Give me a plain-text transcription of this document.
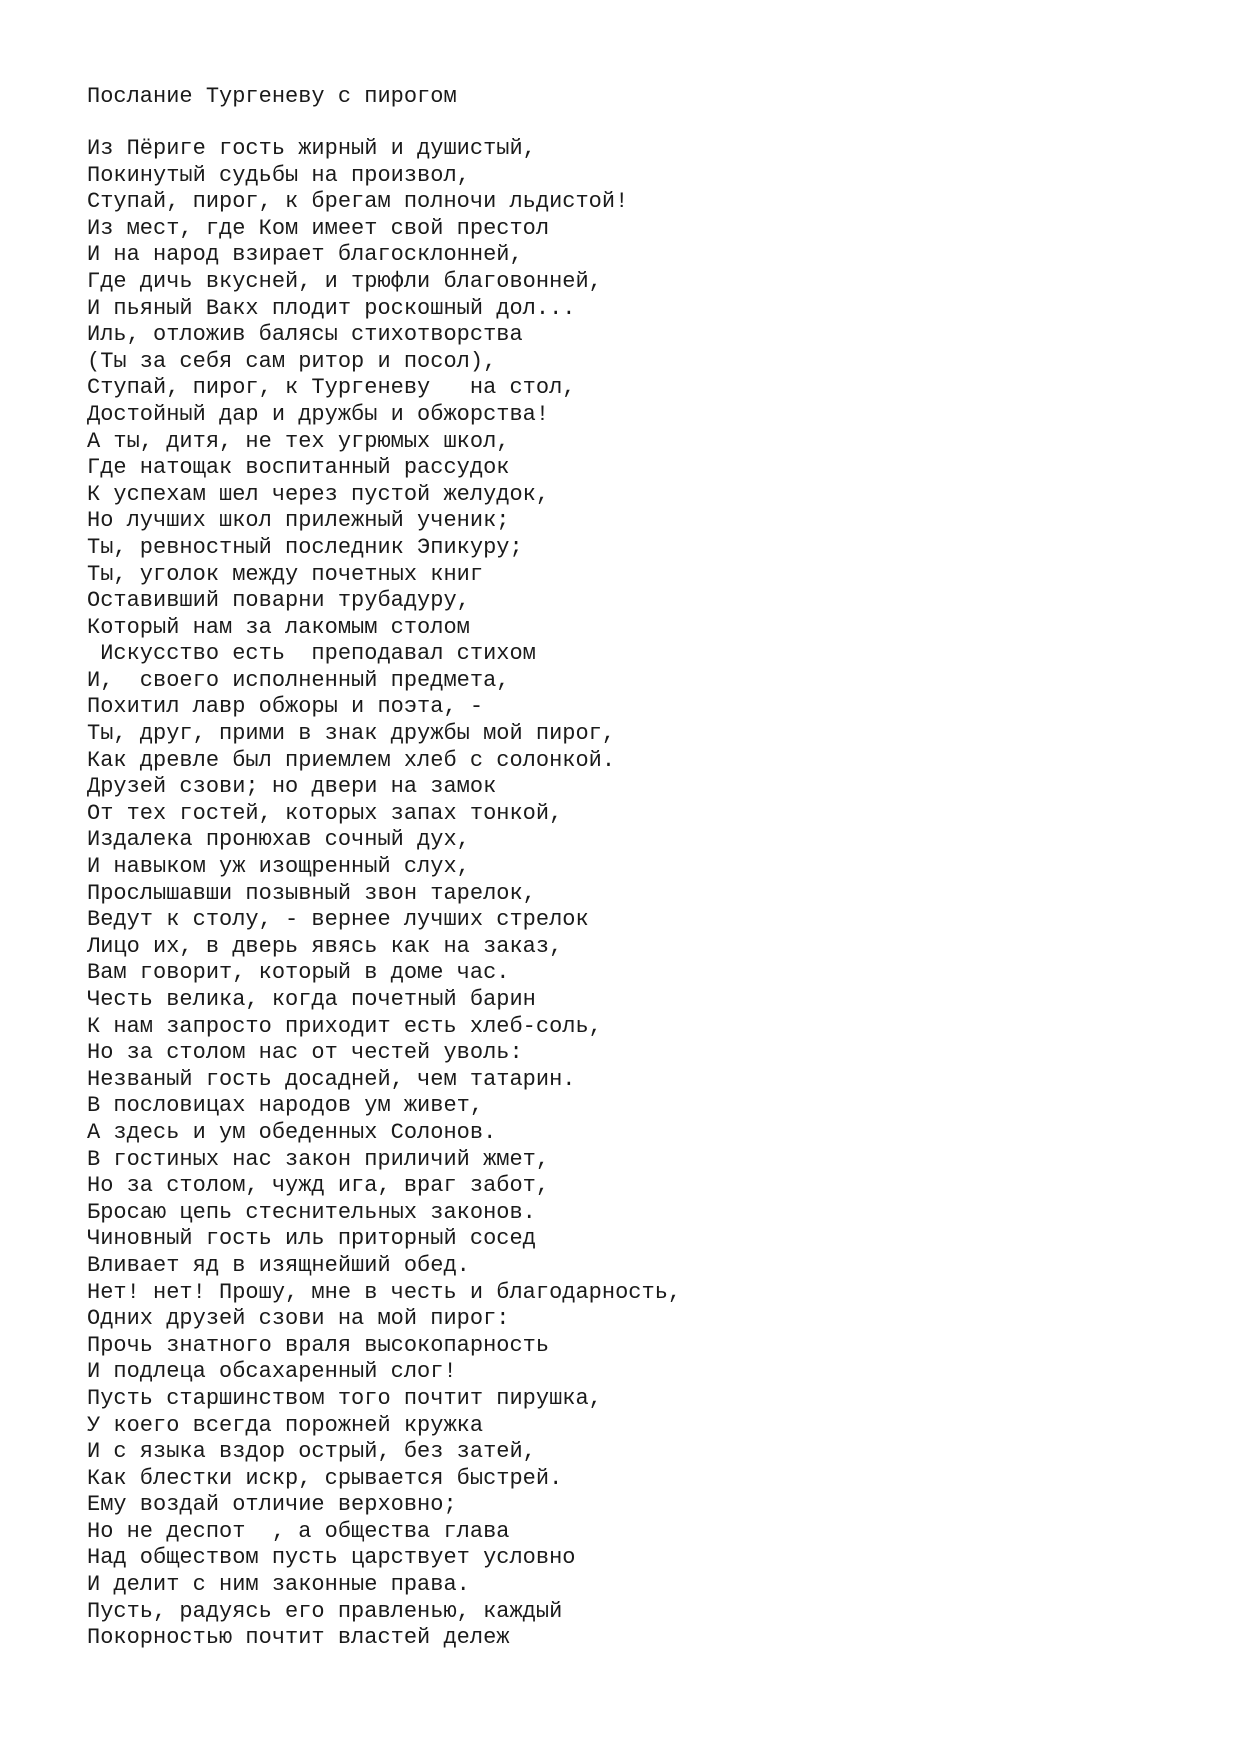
Послание Тургеневу с пирогом
Из Пёриге гость жирный и душистый,
Покинутый судьбы на произвол,
Ступай, пирог, к брегам полночи льдистой!
Из мест, где Ком имеет свой престол
И на народ взирает благосклонней,
Где дичь вкусней, и трюфли благовонней,
И пьяный Вакх плодит роскошный дол...
Иль, отложив балясы стихотворства
(Ты за себя сам ритор и посол),
Ступай, пирог, к Тургеневу   на стол,
Достойный дар и дружбы и обжорства!
А ты, дитя, не тех угрюмых школ,
Где натощак воспитанный рассудок
К успехам шел через пустой желудок,
Но лучших школ прилежный ученик;
Ты, ревностный последник Эпикуру;
Ты, уголок между почетных книг
Оставивший поварни трубадуру,
Который нам за лакомым столом
Искусство есть  преподавал стихом
И,  своего исполненный предмета,
Похитил лавр обжоры и поэта, -
Ты, друг, прими в знак дружбы мой пирог,
Как древле был приемлем хлеб с солонкой.
Друзей сзови; но двери на замок
От тех гостей, которых запах тонкой,
Издалека пронюхав сочный дух,
И навыком уж изощренный слух,
Прослышавши позывный звон тарелок,
Ведут к столу, - вернее лучших стрелок
Лицо их, в дверь явясь как на заказ,
Вам говорит, который в доме час.
Честь велика, когда почетный барин
К нам запросто приходит есть хлеб-соль,
Но за столом нас от честей уволь:
Незваный гость досадней, чем татарин.
В пословицах народов ум живет,
А здесь и ум обеденных Солонов.
В гостиных нас закон приличий жмет,
Но за столом, чужд ига, враг забот,
Бросаю цепь стеснительных законов.
Чиновный гость иль приторный сосед
Вливает яд в изящнейший обед.
Нет! нет! Прошу, мне в честь и благодарность,
Одних друзей сзови на мой пирог:
Прочь знатного враля высокопарность
И подлеца обсахаренный слог!
Пусть старшинством того почтит пирушка,
У коего всегда порожней кружка
И с языка вздор острый, без затей,
Как блестки искр, срывается быстрей.
Ему воздай отличие верховно;
Но не деспот  , а общества глава
Над обществом пусть царствует условно
И делит с ним законные права.
Пусть, радуясь его правленью, каждый
Покорностью почтит властей дележ
